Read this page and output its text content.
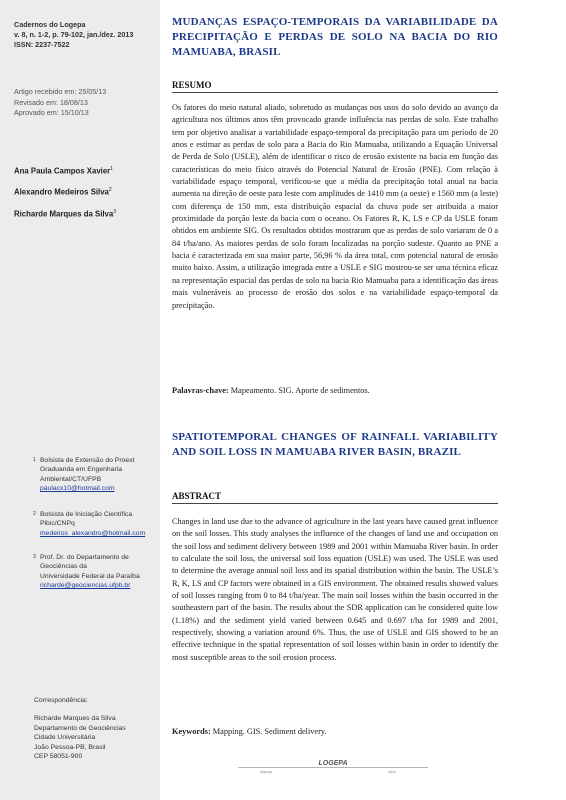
Cadernos do Logepa
v. 8, n. 1-2, p. 79-102, jan./dez. 2013
ISSN: 2237-7522
Artigo recebido em: 25/05/13
Revisado em: 18/08/13
Aprovado em: 15/10/13
Ana Paula Campos Xavier$^1$
Alexandro Medeiros Silva$^2$
Richarde Marques da Silva$^3$
1 Bolsista de Extensão do Proext
Graduanda em Engenharia
Ambiental/CT/UFPB
paulacx10@hotmail.com
2 Bolsista de Iniciação Científica
Pibic/CNPq
medeiros_alexandro@hotmail.com
3 Prof. Dr. do Departamento de
Geociências da
Universidade Federal da Paraíba
richarde@geociencias.ufpb.br
Correspondência:
Richarde Marques da Silva
Departamento de Geociências
Cidade Universitária
João Pessoa-PB, Brasil
CEP 58051-900
MUDANÇAS ESPAÇO-TEMPORAIS DA VARIABILIDADE DA PRECIPITAÇÃO E PERDAS DE SOLO NA BACIA DO RIO MAMUABA, BRASIL
RESUMO
Os fatores do meio natural aliado, sobretudo as mudanças nos usos do solo devido ao avanço da agricultura nos últimos anos têm provocado grande influência nas perdas de solo. Este trabalho tem por objetivo analisar a variabilidade espaço-temporal da precipitação para um período de 20 anos e estimar as perdas de solo para a Bacia do Rio Mamuaba, utilizando a Equação Universal de Perda de Solo (USLE), além de identificar o risco de erosão existente na bacia em função das características do meio físico através do Potencial Natural de Erosão (PNE). Com relação à variabilidade espaço temporal, verificou-se que a média da precipitação total anual na bacia aumenta na direção de oeste para leste com amplitudes de 1410 mm (a oeste) e 1560 mm (a leste) com diferença de 150 mm, esta distribuição espacial da chuva pode ser atribuída a maior proximidade da porção leste da bacia com o oceano. Os Fatores R, K, LS e CP da USLE foram obtidos em ambiente SIG. Os resultados obtidos mostraram que as perdas de solo variaram de 0 a 84 t/ha/ano. As maiores perdas de solo foram localizadas na porção sudeste. Quanto ao PNE a bacia é caracterizada em sua maior parte, 56,96 % da área total, com potencial natural de erosão muito baixo. Assim, a utilização integrada entre a USLE e SIG mostrou-se ser uma técnica eficaz na representação espacial das perdas de solo na bacia Rio Mamuaba para a identificação das áreas mais vulneráveis ao processo de erosão dos solos e na variabilidade espaço-temporal da precipitação.
Palavras-chave: Mapeamento. SIG. Aporte de sedimentos.
SPATIOTEMPORAL CHANGES OF RAINFALL VARIABILITY AND SOIL LOSS IN MAMUABA RIVER BASIN, BRAZIL
ABSTRACT
Changes in land use due to the advance of agriculture in the last years have caused great influence on the soil losses. This study analyses the influence of the changes of land use and occupation on the soil loss and sediment delivery between 1989 and 2001 within Mamuaba River basin. In order to calculate the soil loss, the universal soil loss equation (USLE) was used. The USLE was used to determine the average annual soil loss and its spatial distribution within the basin. The USLE’s R, K, LS and CP factors were obtained in a GIS environment. The obtained results showed values of soil losses ranging from 0 to 84 t/ha/year. The main soil losses within the basin occurred in the southeastern part of the basin. The results about the SDR application can be considered quite low (1.18%) and the sediment yield varied between 0.645 and 0.697 t/ha for 1989 and 2001, respectively, showing a variation around 6%. Thus, the use of USLE and GIS showed to be an effective technique in the spatial representation of soil losses within basin in order to identify the most susceptible areas to the soil erosion process.
Keywords: Mapping. GIS. Sediment delivery.
logepa
LOGEPA
ufpb
